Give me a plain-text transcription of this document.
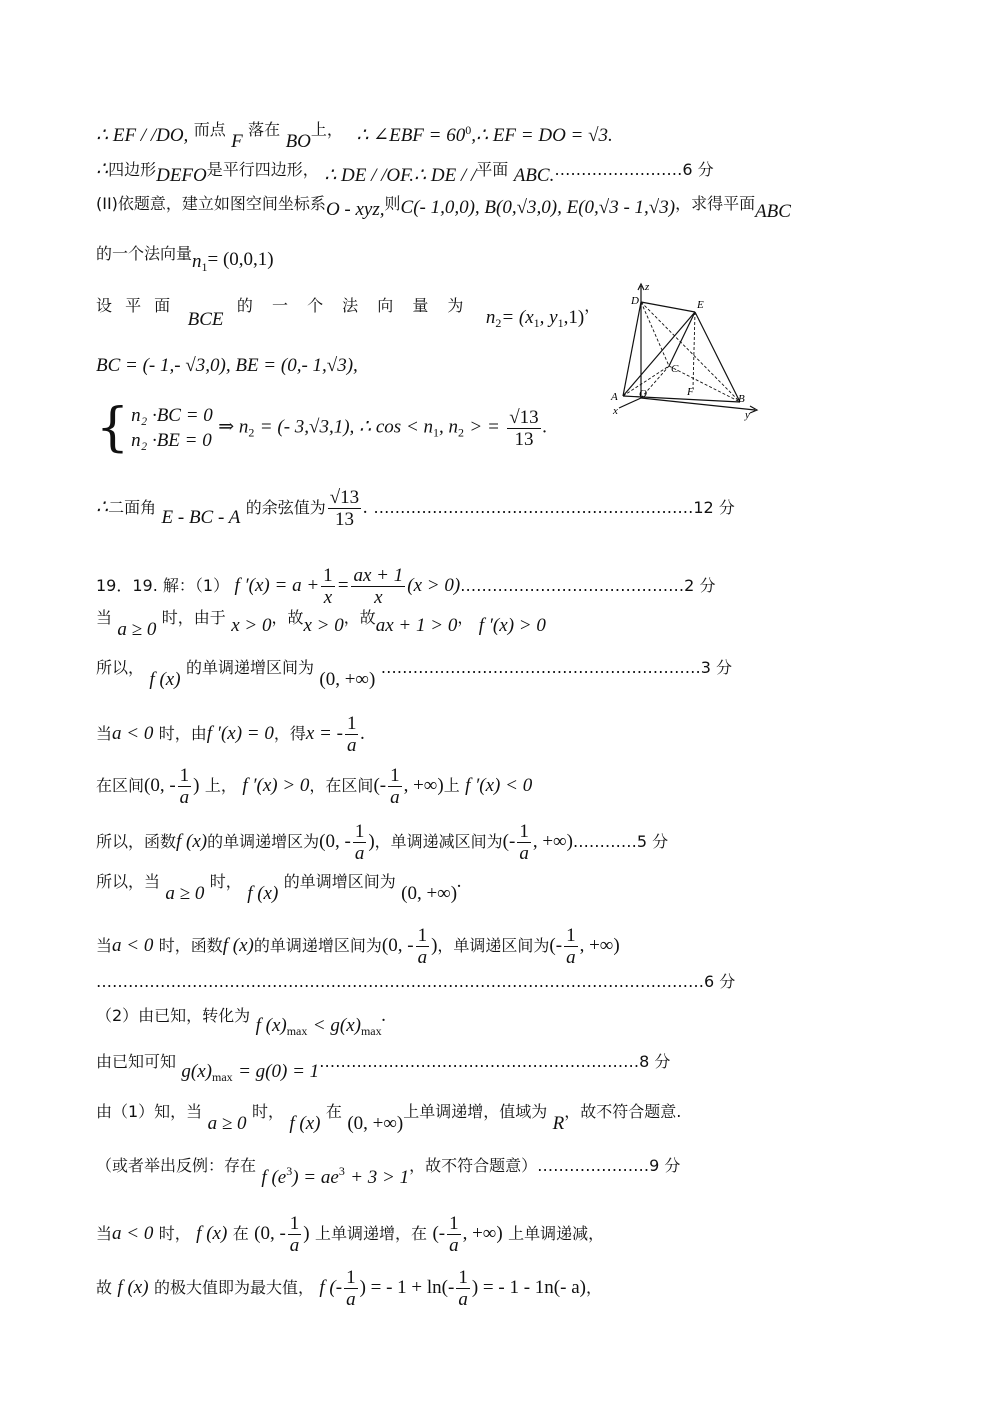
∴ EF / /DO, 而点 F 落在 BO上， ∴ ∠EBF = $60^0,\therefore$ EF = DO = √3.
∴四边形DEFO是平行四边形， ∴ DE / /OF.∴ DE / /平面 ABC.……………………6 分
(II)依题意，建立如图空间坐标系O - xyz,则C(- 1,0,0), B(0,√3,0), E(0,√3 - 1,√3)，求得平面ABC
的一个法向量$n_1= (0,0,1)$
设 平 面 BCE 的 一 个 法 向 量 为 $n_2= (x_1$, $y_1,1$)，
BC = (- 1,- √3,0), BE = (0,- 1,√3),
{ n₂ ·BC = 0
n₂ ·BE = 0
⇒ $n_2$ = (- 3,√3,1), ∴ $\cos < n_1$, $n_2$ > = $\frac{√13}{13}$ .
z
D	E
C
O	F
A
x
B
y
∴二面角 E - BC - A 的余弦值为 $\frac{√13}{13}$ . ……………………………………………………12 分
19．19. 解：（1） f $'(x) = a + \frac{1}{x} = \frac{ax + 1}{x} (x$ > 0)……………………………………2 分
当 a ≥ 0 时，由于 x > 0，故x > 0，故ax + 1 > 0， f ′(x) > 0
所以， f (x) 的单调递增区间为 (0, +∞) ……………………………………………………3 分
当a < 0 时，由f ′(x) = 0，得x = - $\frac{1}{a}$ .
在区间(0, - $\frac{1}{a}$ ) 上， f ′(x) > 0，在区间(- $\frac{1}{a}$ , +∞)上 f ′(x) < 0
所以，函数f (x)的单调递增区为(0, - $\frac{1}{a}$ )，单调递减区间为(- $\frac{1}{a}$ , +∞)…………5 分
所以，当 a ≥ 0 时， f (x) 的单调增区间为 (0, +∞).
当a < 0 时，函数f (x)的单调递增区间为(0, - $\frac{1}{a}$ )，单调递区间为(- $\frac{1}{a}$ , +∞)
……………………………………………………………………………………………………6 分
（2）由已知，转化为 f $(x)_{max} < g(x)_{max}$.
由已知可知 $g(x)_{max} = g(0)$ = 1……………………………………………………8 分
由（1）知，当 a ≥ 0 时， f (x) 在 (0, +∞)上单调递增，值域为 R，故不符合题意.
（或者举出反例：存在 f $(e_3) = ae_3 + 3 > 1$，故不符合题意）…………………9 分
当a < 0 时， f (x) 在 (0, - $\frac{1}{a}$ ) 上单调递增，在 (- $\frac{1}{a}$ , +∞) 上单调递减，
故 f (x) 的极大值即为最大值， f (- $\frac{1}{a}$ ) = - $1 + \ln(- \frac{1}{a}$ ) = - 1 - 1n(- a)，
